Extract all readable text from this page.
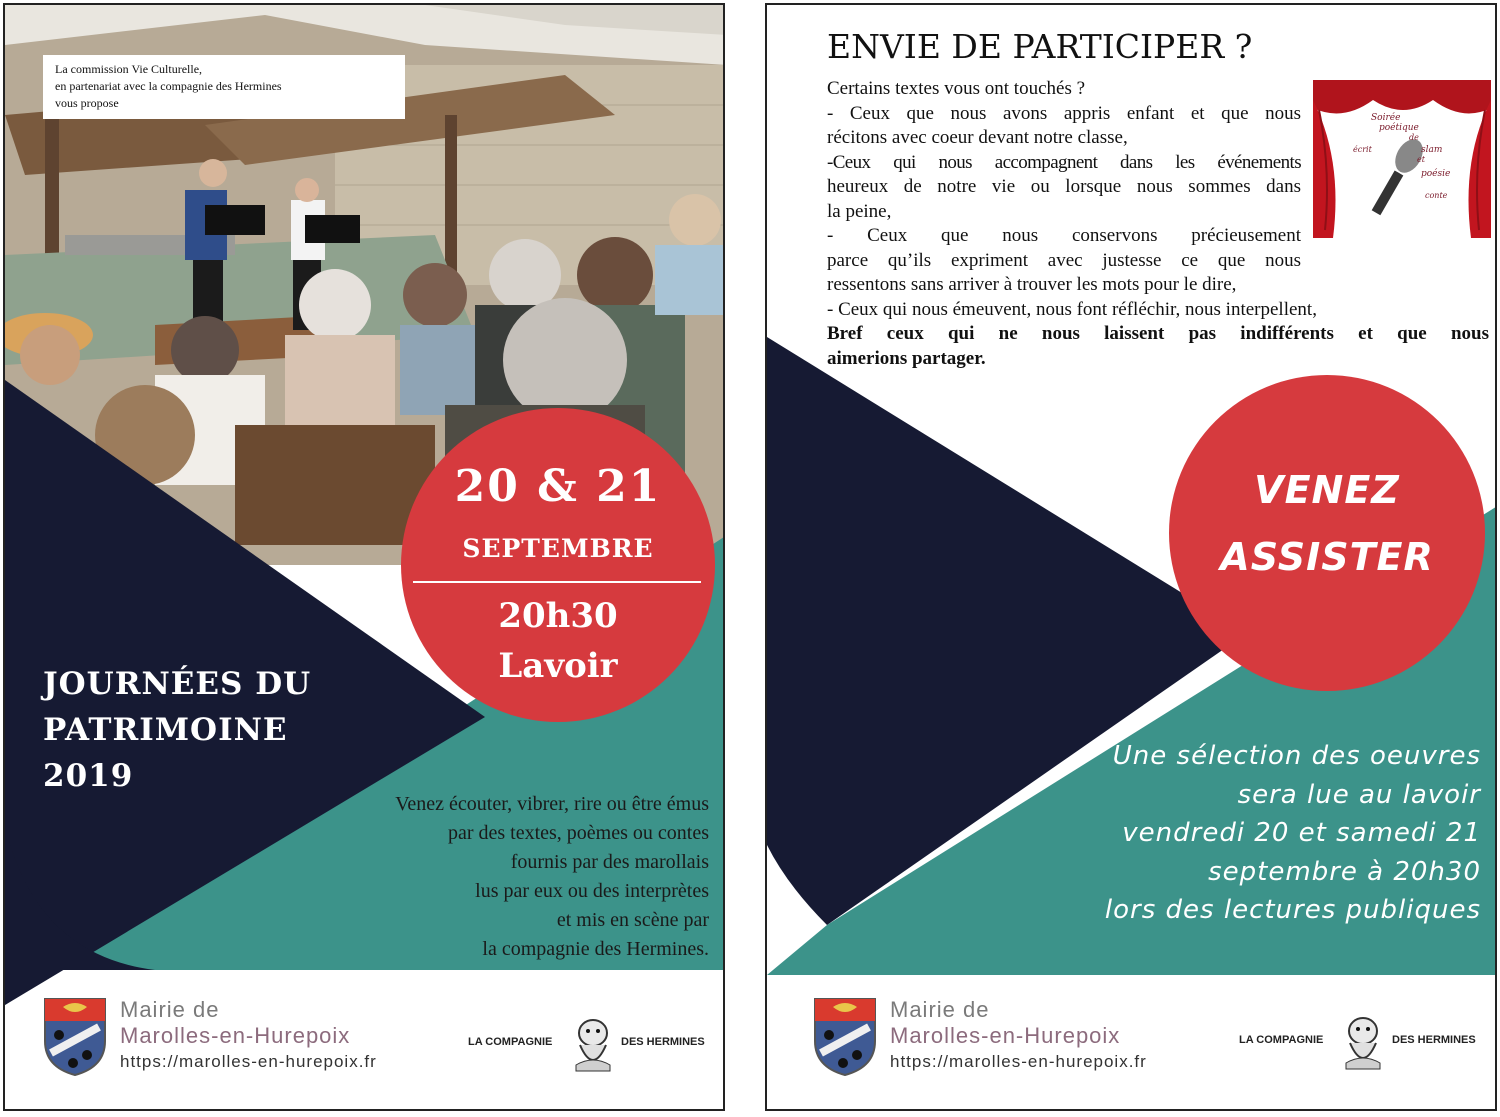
La commission Vie Culturelle,
en partenariat avec la compagnie des Hermines
vous propose
20 & 21
SEPTEMBRE
20h30
Lavoir
JOURNÉES DU
PATRIMOINE
2019
Venez écouter, vibrer, rire ou être émus
par des textes, poèmes ou contes
fournis par des marollais
lus par eux ou des interprètes
et mis en scène par
la compagnie des Hermines.
Mairie de
Marolles-en-Hurepoix
https://marolles-en-hurepoix.fr
LA COMPAGNIE	DES HERMINES
ENVIE DE PARTICIPER ?
Soirée
poétique
de
slam
et
poésie
écrit
conte
Certains textes vous ont touchés ?
- Ceux que nous avons appris enfant et que nous
récitons avec coeur devant notre classe,
-Ceux qui nous accompagnent dans les événements
heureux de notre vie ou lorsque nous sommes dans
la peine,
- Ceux que nous conservons précieusement
parce qu’ils expriment avec justesse ce que nous
ressentons sans arriver à trouver les mots pour le dire,
- Ceux qui nous émeuvent, nous font réfléchir, nous interpellent,
Bref ceux qui ne nous laissent pas indifférents et que nous
aimerions partager.
VENEZ
ASSISTER
Une sélection des oeuvres
sera lue au lavoir
vendredi 20 et samedi 21
septembre à 20h30
lors des lectures publiques
Mairie de
Marolles-en-Hurepoix
https://marolles-en-hurepoix.fr
LA COMPAGNIE	DES HERMINES
